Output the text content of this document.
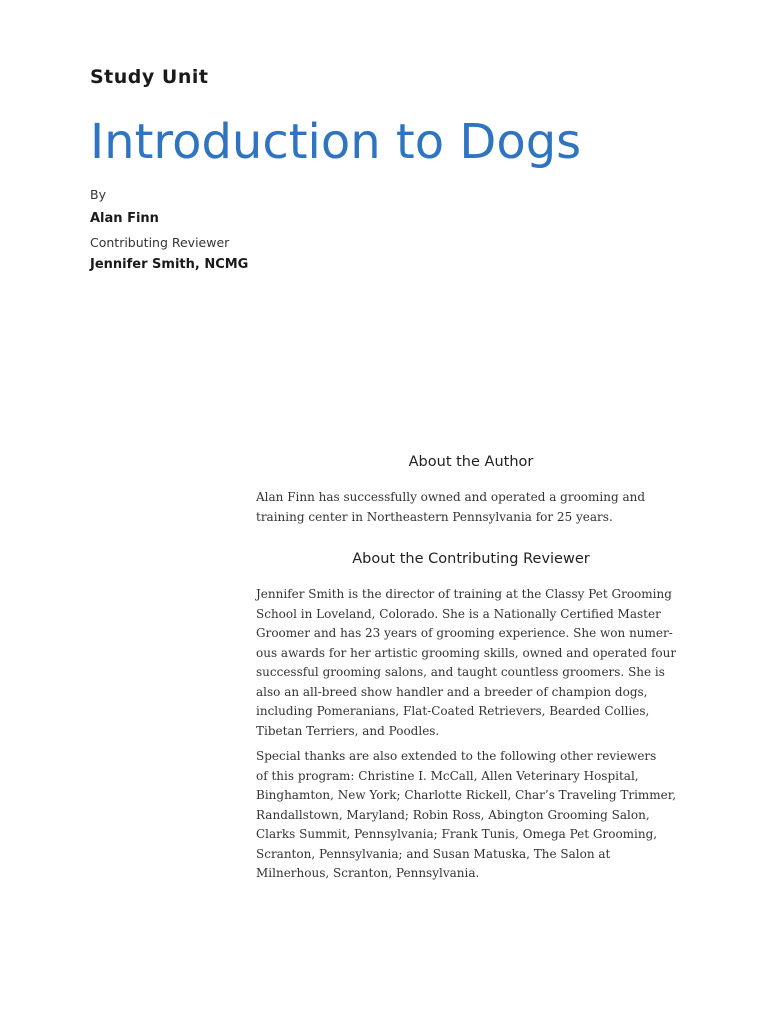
Study Unit
Introduction to Dogs
By
Alan Finn
Contributing Reviewer
Jennifer Smith, NCMG
About the Author

Alan Finn has successfully owned and operated a grooming and
training center in Northeastern Pennsylvania for 25 years.

About the Contributing Reviewer

Jennifer Smith is the director of training at the Classy Pet Grooming
School in Loveland, Colorado. She is a Nationally Certified Master
Groomer and has 23 years of grooming experience. She won numer-
ous awards for her artistic grooming skills, owned and operated four
successful grooming salons, and taught countless groomers. She is
also an all-breed show handler and a breeder of champion dogs,
including Pomeranians, Flat-Coated Retrievers, Bearded Collies,
Tibetan Terriers, and Poodles.

Special thanks are also extended to the following other reviewers
of this program: Christine I. McCall, Allen Veterinary Hospital,
Binghamton, New York; Charlotte Rickell, Char’s Traveling Trimmer,
Randallstown, Maryland; Robin Ross, Abington Grooming Salon,
Clarks Summit, Pennsylvania; Frank Tunis, Omega Pet Grooming,
Scranton, Pennsylvania; and Susan Matuska, The Salon at
Milnerhous, Scranton, Pennsylvania.
